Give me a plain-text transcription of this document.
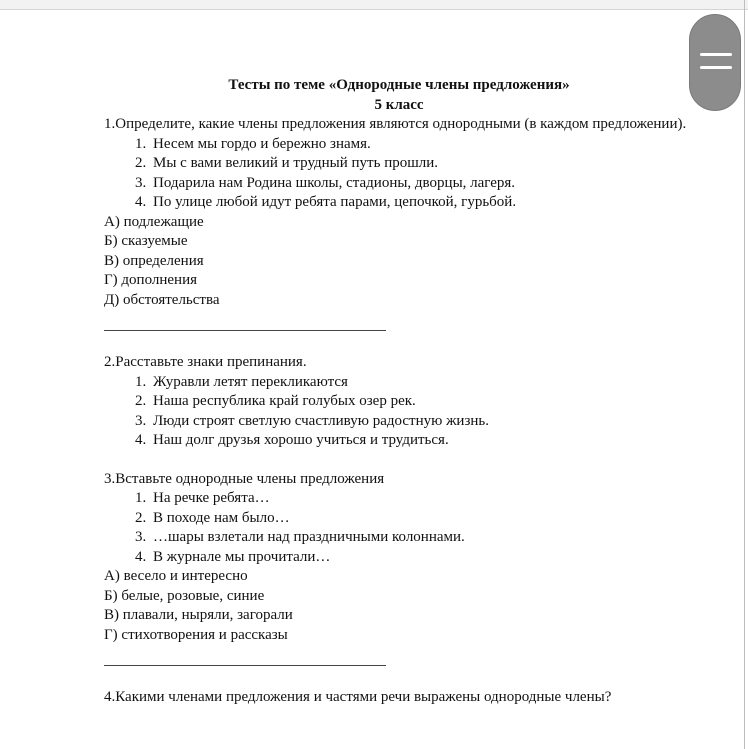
Тесты по теме «Однородные члены предложения»

5 класс

1.Определите, какие члены предложения являются однородными (в каждом предложении).

1. Несем мы гордо и бережно знамя.
2. Мы с вами великий и трудный путь прошли.
3. Подарила нам Родина школы, стадионы, дворцы, лагеря.
4. По улице любой идут ребята парами, цепочкой, гурьбой.

А) подлежащие

Б) сказуемые

В) определения

Г) дополнения

Д) обстоятельства

2.Расставьте знаки препинания.

1. Журавли летят перекликаются
2. Наша республика край голубых озер рек.
3. Люди строят светлую счастливую радостную жизнь.
4. Наш долг друзья хорошо учиться и трудиться.

3.Вставьте однородные члены предложения

1. На речке ребята…
2. В походе нам было…
3. …шары взлетали над праздничными колоннами.
4. В журнале мы прочитали…

А) весело и интересно

Б) белые, розовые, синие

В) плавали, ныряли, загорали

Г) стихотворения и рассказы

4.Какими членами предложения и частями речи выражены однородные члены?
